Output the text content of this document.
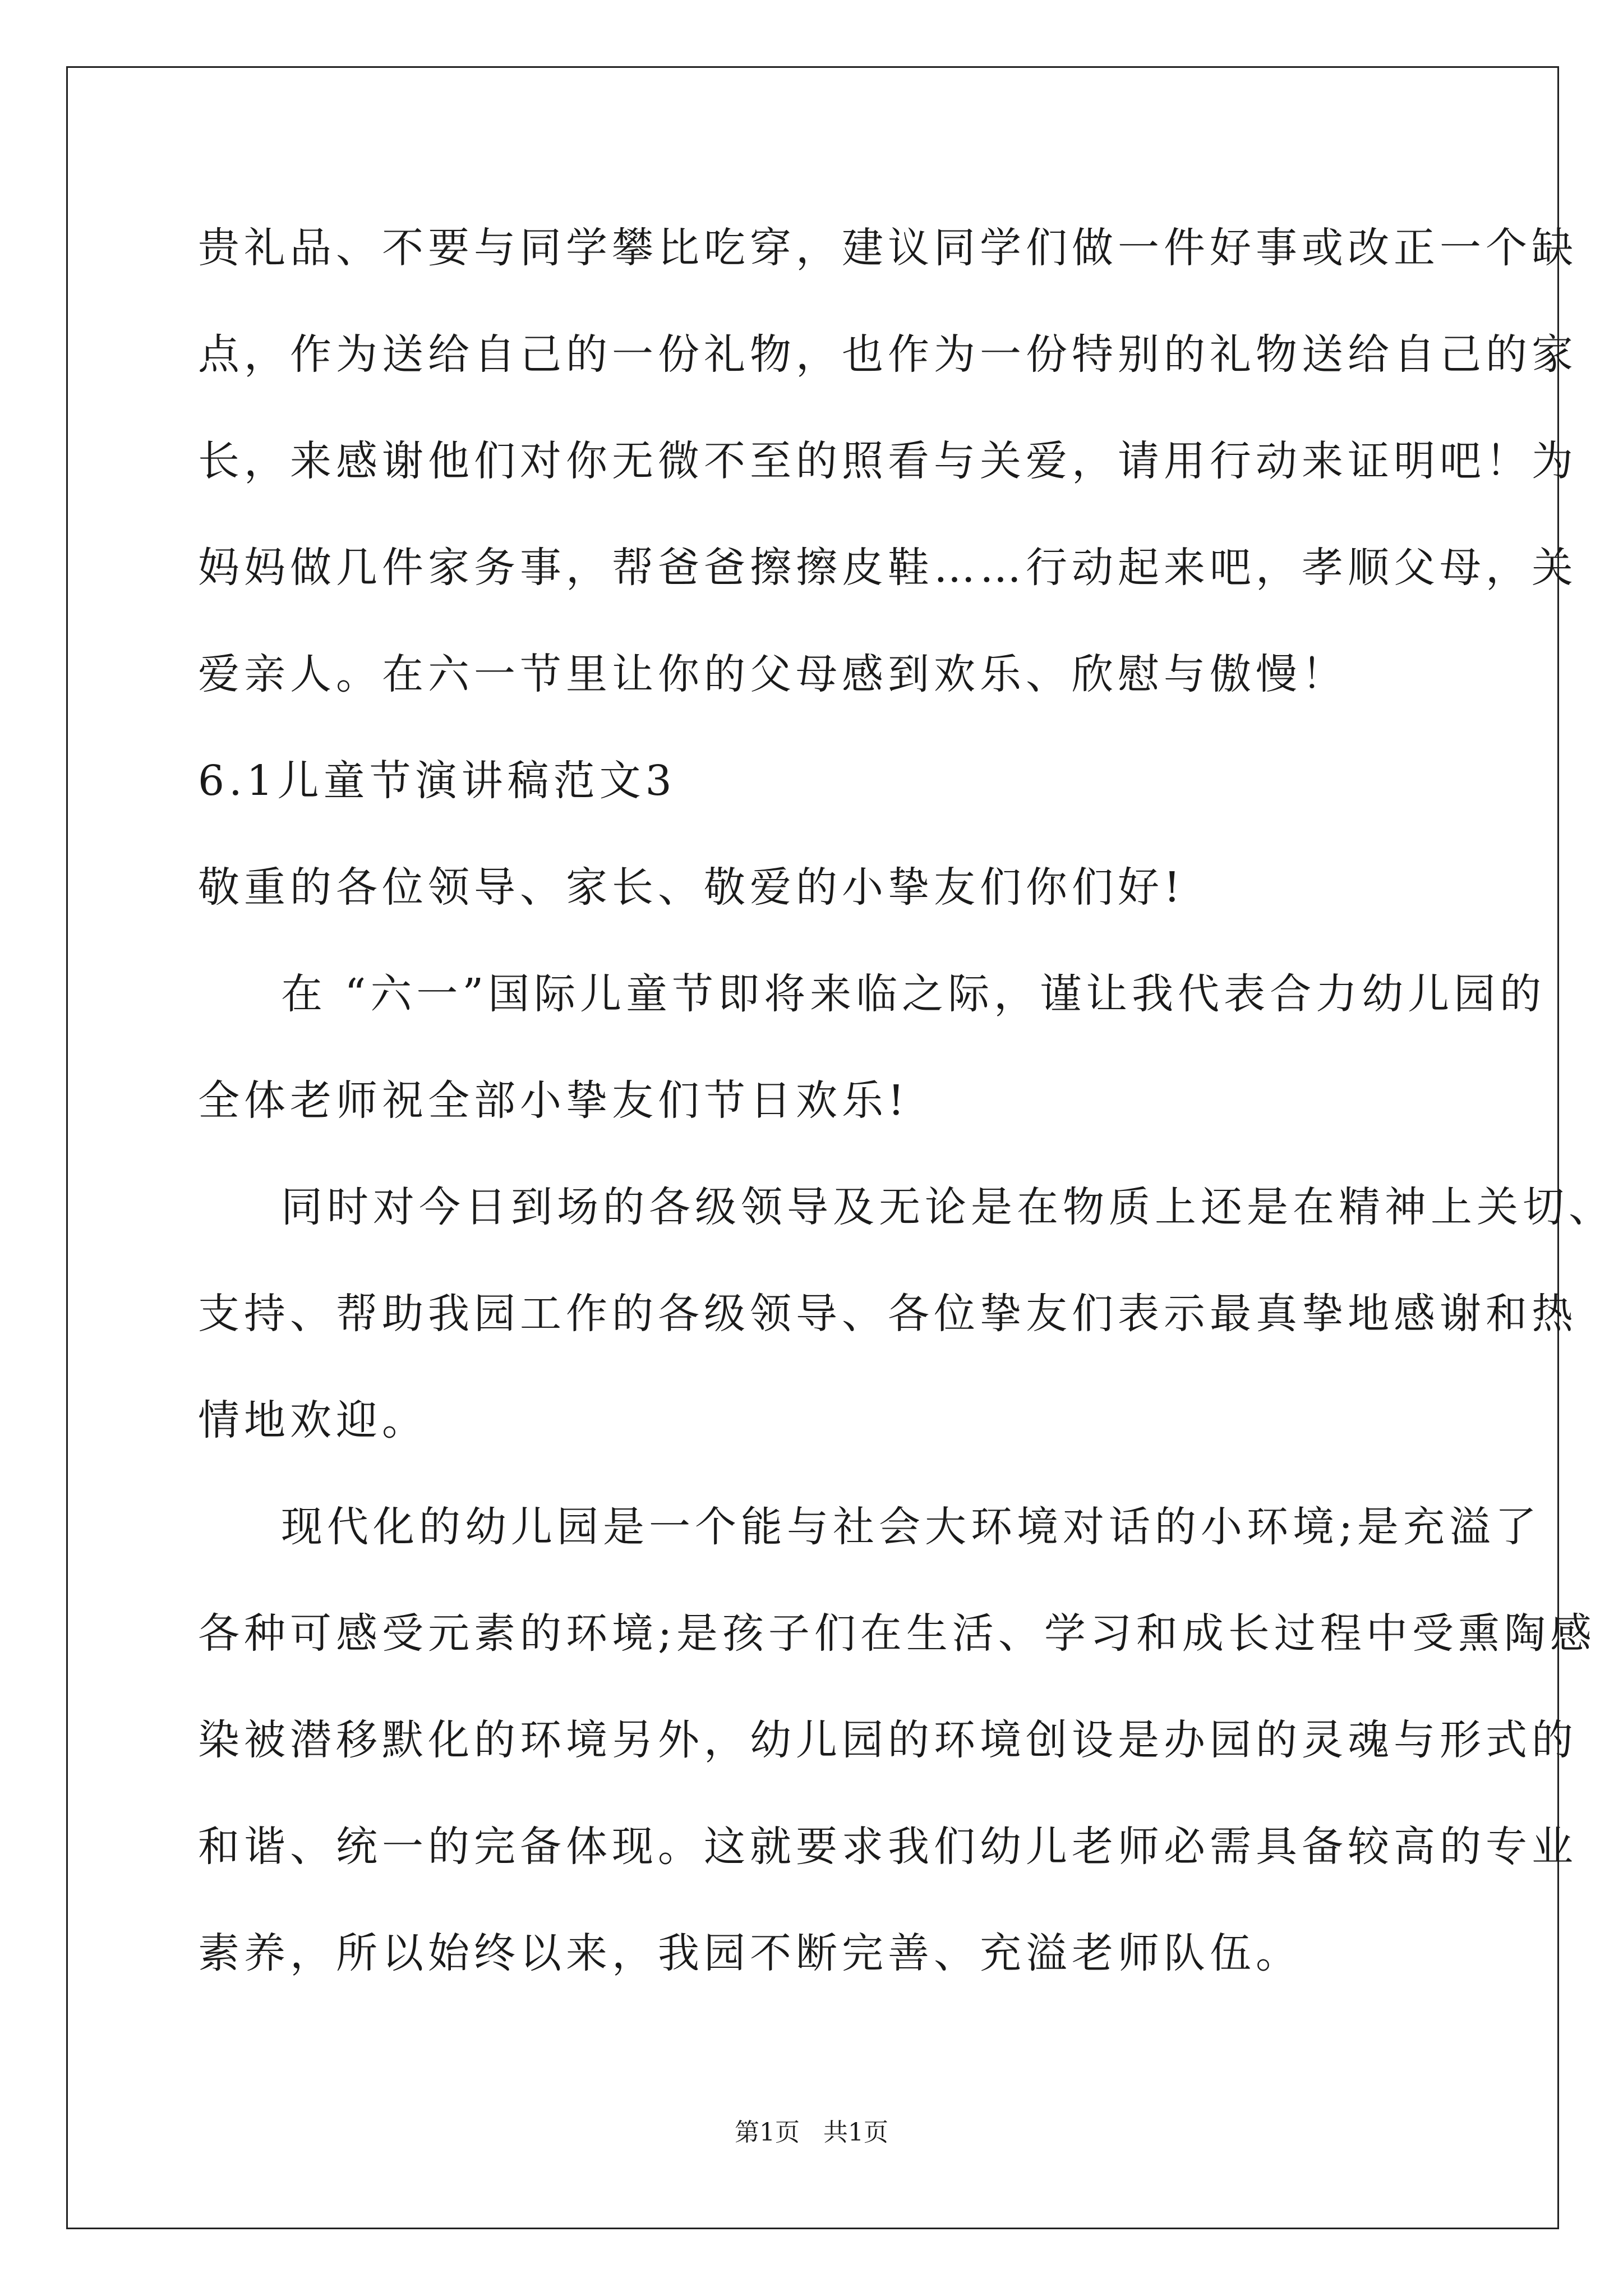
贵礼品、不要与同学攀比吃穿，建议同学们做一件好事或改正一个缺
点，作为送给自己的一份礼物，也作为一份特别的礼物送给自己的家
长，来感谢他们对你无微不至的照看与关爱，请用行动来证明吧！为
妈妈做几件家务事，帮爸爸擦擦皮鞋……行动起来吧，孝顺父母，关
爱亲人。在六一节里让你的父母感到欢乐、欣慰与傲慢！
6.1儿童节演讲稿范文3
敬重的各位领导、家长、敬爱的小挚友们你们好!
在 “六一”国际儿童节即将来临之际，谨让我代表合力幼儿园的
全体老师祝全部小挚友们节日欢乐!
同时对今日到场的各级领导及无论是在物质上还是在精神上关切、
支持、帮助我园工作的各级领导、各位挚友们表示最真挚地感谢和热
情地欢迎。
现代化的幼儿园是一个能与社会大环境对话的小环境;是充溢了
各种可感受元素的环境;是孩子们在生活、学习和成长过程中受熏陶感
染被潜移默化的环境另外，幼儿园的环境创设是办园的灵魂与形式的
和谐、统一的完备体现。这就要求我们幼儿老师必需具备较高的专业
素养，所以始终以来，我园不断完善、充溢老师队伍。
第1页 共1页
